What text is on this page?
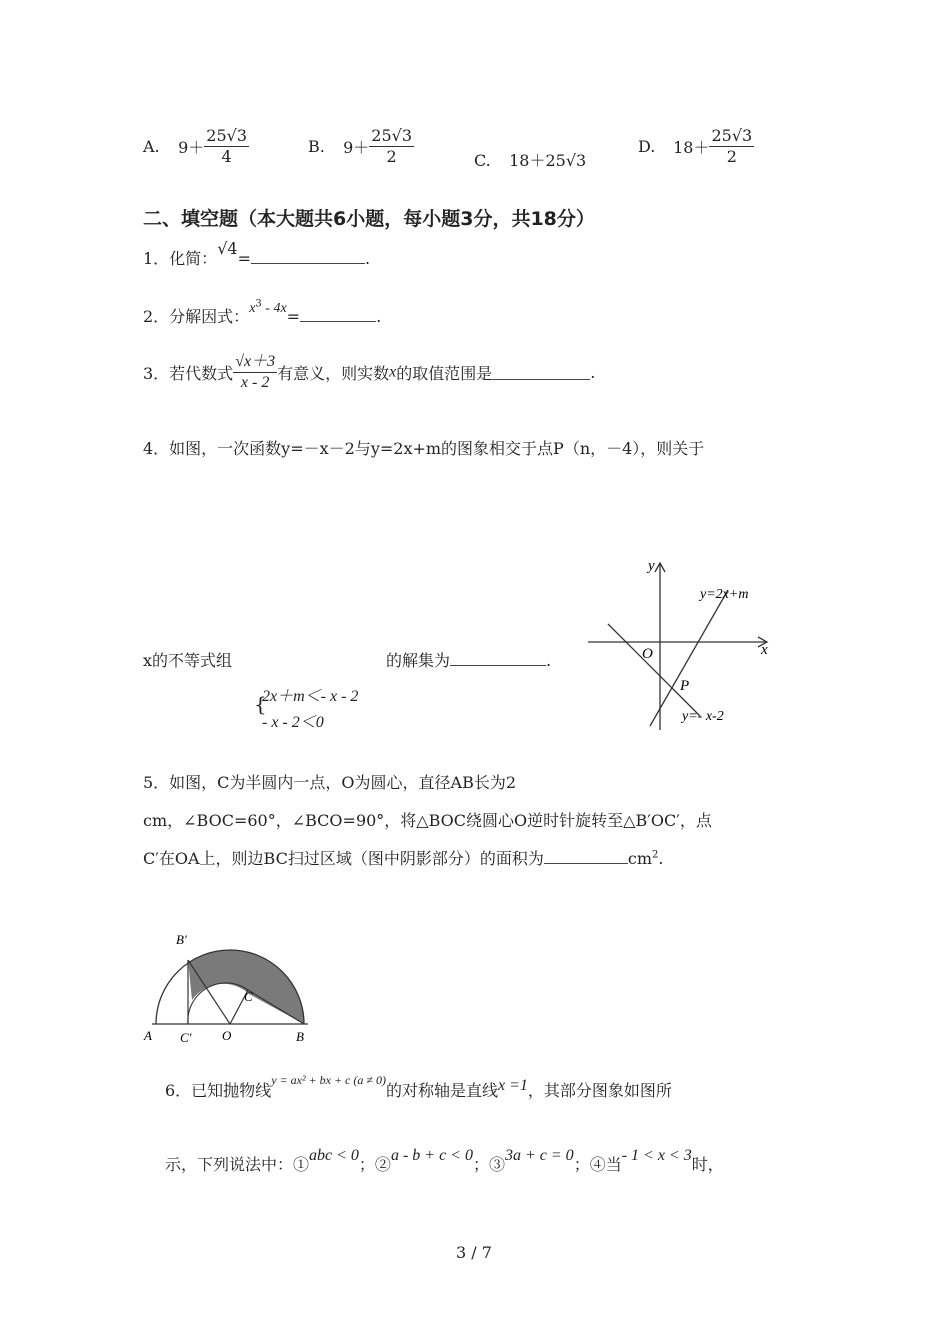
A. $9+ \frac{25√3}{4}$	B. $9+ \frac{25√3}{2}$	C. 18＋25√3
D. $18+ \frac{25√3}{2}$
二、填空题（本大题共6小题，每小题3分，共18分）
1．化简：√4=	.
2．分解因式：$x^3 - 4x=$	.
3．若代数式 $\frac{√x+3}{x - 2}$ 有意义，则实数x的取值范围是	.
4．如图，一次函数y=－x－2与y=2x+m的图象相交于点P（n，－4），则关于
x的不等式组	的解集为	.
{
2x＋m＜- x - 2
- x - 2＜0
y
x
O
P
y=2x+m
y=- x-2
5．如图，C为半圆内一点，O为圆心，直径AB长为2
cm，∠BOC=60°，∠BCO=90°，将△BOC绕圆心O逆时针旋转至△B′OC′，点
C′在OA上，则边BC扫过区域（图中阴影部分）的面积为	$cm^2$.
A C′ O	B
C
B′
6．已知抛物线$^{y = ax^2 + bx + c (a \ne 0)}$的对称轴是直线x =1，其部分图象如图所
示，下列说法中：①abc < 0；②a - b + c < 0；③3a + c = 0；④当- 1 < x < 3时，
3 / 7
